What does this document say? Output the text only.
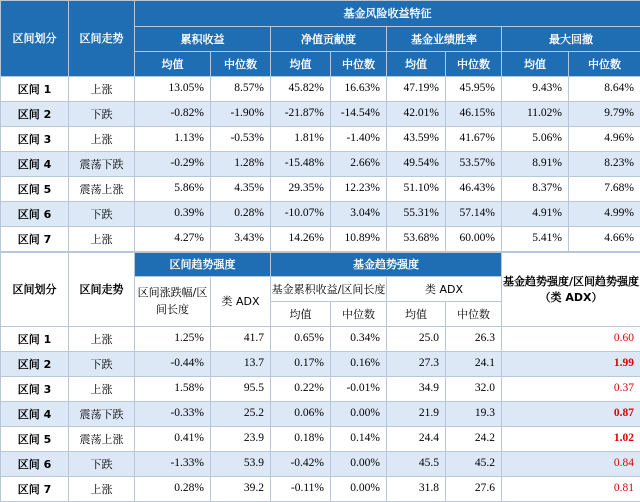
区间划分	区间走势	基金风险收益特征							
		累积收益		净值贡献度		基金业绩胜率		最大回撤	
		均值	中位数	均值	中位数	均值	中位数	均值	中位数
区间 1	上涨	13.05%	8.57%	45.82%	16.63%	47.19%	45.95%	9.43%	8.64%
区间 2	下跌	-0.82%	-1.90%	-21.87%	-14.54%	42.01%	46.15%	11.02%	9.79%
区间 3	上涨	1.13%	-0.53%	1.81%	-1.40%	43.59%	41.67%	5.06%	4.96%
区间 4	震荡下跌	-0.29%	1.28%	-15.48%	2.66%	49.54%	53.57%	8.91%	8.23%
区间 5	震荡上涨	5.86%	4.35%	29.35%	12.23%	51.10%	46.43%	8.37%	7.68%
区间 6	下跌	0.39%	0.28%	-10.07%	3.04%	55.31%	57.14%	4.91%	4.99%
区间 7	上涨	4.27%	3.43%	14.26%	10.89%	53.68%	60.00%	5.41%	4.66%
区间划分	区间走势	区间趋势强度		基金趋势强度				基金趋势强度/区间趋势强度（类 ADX）
		区间涨跌幅/区间长度	类 ADX	基金累积收益/区间长度		类 ADX		
				均值	中位数	均值	中位数	
区间 1	上涨	1.25%	41.7	0.65%	0.34%	25.0	26.3	0.60
区间 2	下跌	-0.44%	13.7	0.17%	0.16%	27.3	24.1	1.99
区间 3	上涨	1.58%	95.5	0.22%	-0.01%	34.9	32.0	0.37
区间 4	震荡下跌	-0.33%	25.2	0.06%	0.00%	21.9	19.3	0.87
区间 5	震荡上涨	0.41%	23.9	0.18%	0.14%	24.4	24.2	1.02
区间 6	下跌	-1.33%	53.9	-0.42%	0.00%	45.5	45.2	0.84
区间 7	上涨	0.28%	39.2	-0.11%	0.00%	31.8	27.6	0.81
